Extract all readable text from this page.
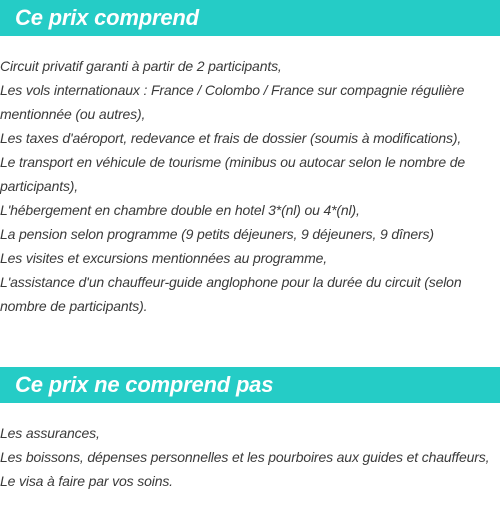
Ce prix comprend
Circuit privatif garanti à partir de 2 participants,
Les vols internationaux : France / Colombo / France sur compagnie régulière mentionnée (ou autres),
Les taxes d'aéroport, redevance et frais de dossier (soumis à modifications),
Le transport en véhicule de tourisme (minibus ou autocar selon le nombre de participants),
L'hébergement en chambre double en hotel 3*(nl) ou 4*(nl),
La pension selon programme (9 petits déjeuners, 9 déjeuners, 9 dîners)
Les visites et excursions mentionnées au programme,
L'assistance d'un chauffeur-guide anglophone pour la durée du circuit (selon nombre de participants).
Ce prix ne comprend pas
Les assurances,
Les boissons, dépenses personnelles et les pourboires aux guides et chauffeurs,
Le visa à faire par vos soins.
